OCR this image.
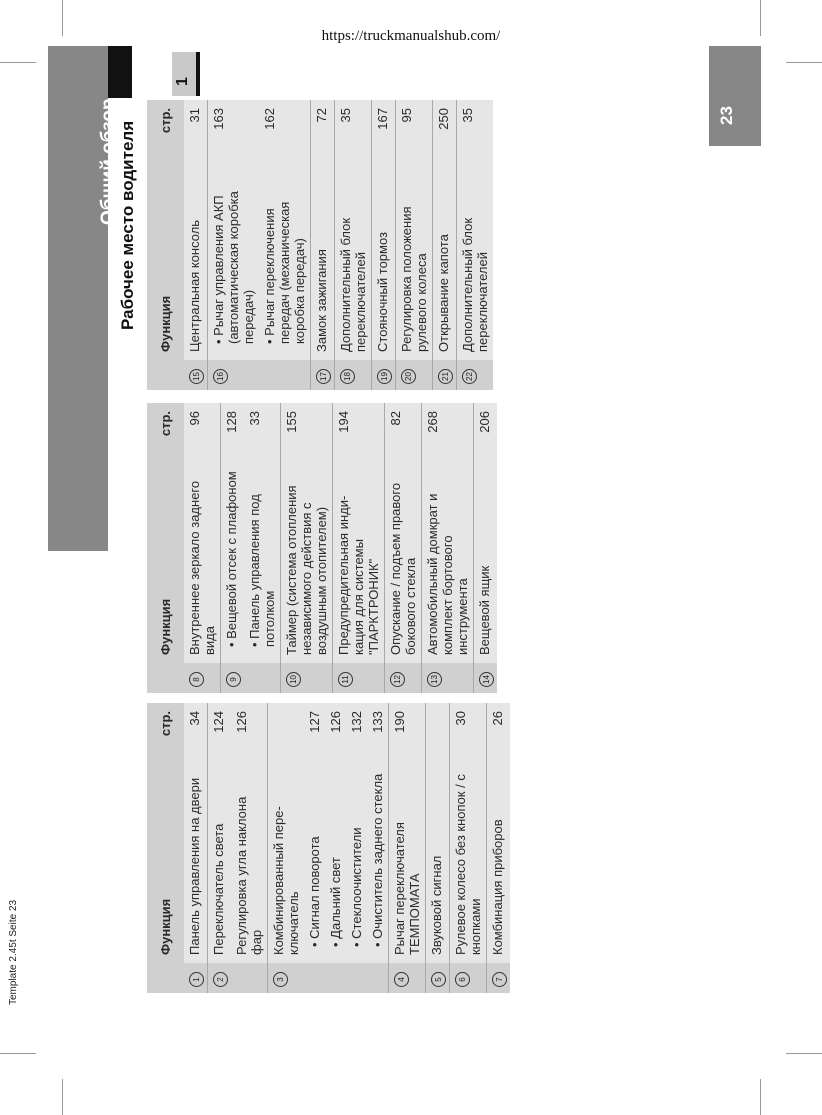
https://truckmanualshub.com/
Общий обзор Рабочее место водителя
1
23
Template 2.45t Seite 23
		Функция	стр.
1	Панель управления на двери	34
2	Переключатель света	124
	Регулировка угла наклона фар	126
3	Комбинированный переключатель	
	• Сигнал поворота	127
	• Дальний свет	126
	• Стеклоочистители	132
	• Очиститель заднего стекла	133
4	Рычаг переключателя ТЕМПОМАТА	190
5	Звуковой сигнал	
6	Рулевое колесо без кнопок / с кнопками	30
7	Комбинация приборов	26
	Функция	стр.
8	Внутреннее зеркало заднего вида	96
9	• Вещевой отсек с плафоном	128
	• Панель управления под потолком	33
10	Таймер (система отопления независимого действия с воздушным отопителем)	155
11	Предупредительная индикация для системы "ПАРКТРОНИК"	194
12	Опускание / подъем правого бокового стекла	82
13	Автомобильный домкрат и комплект бортового инструмента	268
14	Вещевой ящик	206
	Функция	стр.
15	Центральная консоль	31
16	• Рычаг управления АКП (автоматическая коробка передач)	163
	• Рычаг переключения передач (механическая коробка передач)	162
17	Замок зажигания	72
18	Дополнительный блок переключателей	35
19	Стояночный тормоз	167
20	Регулировка положения рулевого колеса	95
21	Открывание капота	250
22	Дополнительный блок переключателей	35
